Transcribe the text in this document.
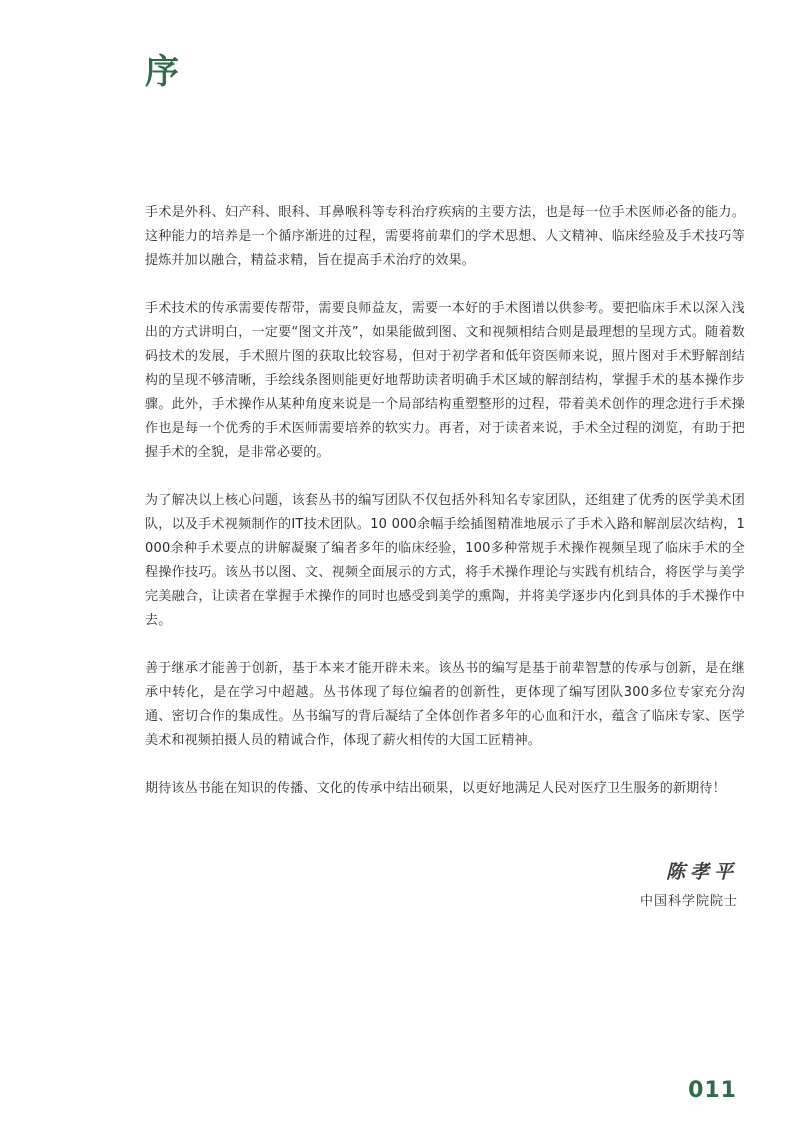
序

手术是外科、妇产科、眼科、耳鼻喉科等专科治疗疾病的主要方法，也是每一位手术医师必备的能力。这种能力的培养是一个循序渐进的过程，需要将前辈们的学术思想、人文精神、临床经验及手术技巧等提炼并加以融合，精益求精，旨在提高手术治疗的效果。

手术技术的传承需要传帮带，需要良师益友，需要一本好的手术图谱以供参考。要把临床手术以深入浅出的方式讲明白，一定要“图文并茂”，如果能做到图、文和视频相结合则是最理想的呈现方式。随着数码技术的发展，手术照片图的获取比较容易，但对于初学者和低年资医师来说，照片图对手术野解剖结构的呈现不够清晰，手绘线条图则能更好地帮助读者明确手术区域的解剖结构，掌握手术的基本操作步骤。此外，手术操作从某种角度来说是一个局部结构重塑整形的过程，带着美术创作的理念进行手术操作也是每一个优秀的手术医师需要培养的软实力。再者，对于读者来说，手术全过程的浏览，有助于把握手术的全貌，是非常必要的。

为了解决以上核心问题，该套丛书的编写团队不仅包括外科知名专家团队，还组建了优秀的医学美术团队，以及手术视频制作的IT技术团队。10 000余幅手绘插图精准地展示了手术入路和解剖层次结构，1 000余种手术要点的讲解凝聚了编者多年的临床经验，100多种常规手术操作视频呈现了临床手术的全程操作技巧。该丛书以图、文、视频全面展示的方式，将手术操作理论与实践有机结合，将医学与美学完美融合，让读者在掌握手术操作的同时也感受到美学的熏陶，并将美学逐步内化到具体的手术操作中去。

善于继承才能善于创新，基于本来才能开辟未来。该丛书的编写是基于前辈智慧的传承与创新，是在继承中转化，是在学习中超越。丛书体现了每位编者的创新性，更体现了编写团队300多位专家充分沟通、密切合作的集成性。丛书编写的背后凝结了全体创作者多年的心血和汗水，蕴含了临床专家、医学美术和视频拍摄人员的精诚合作，体现了薪火相传的大国工匠精神。

期待该丛书能在知识的传播、文化的传承中结出硕果，以更好地满足人民对医疗卫生服务的新期待！

陈孝平

中国科学院院士

011
